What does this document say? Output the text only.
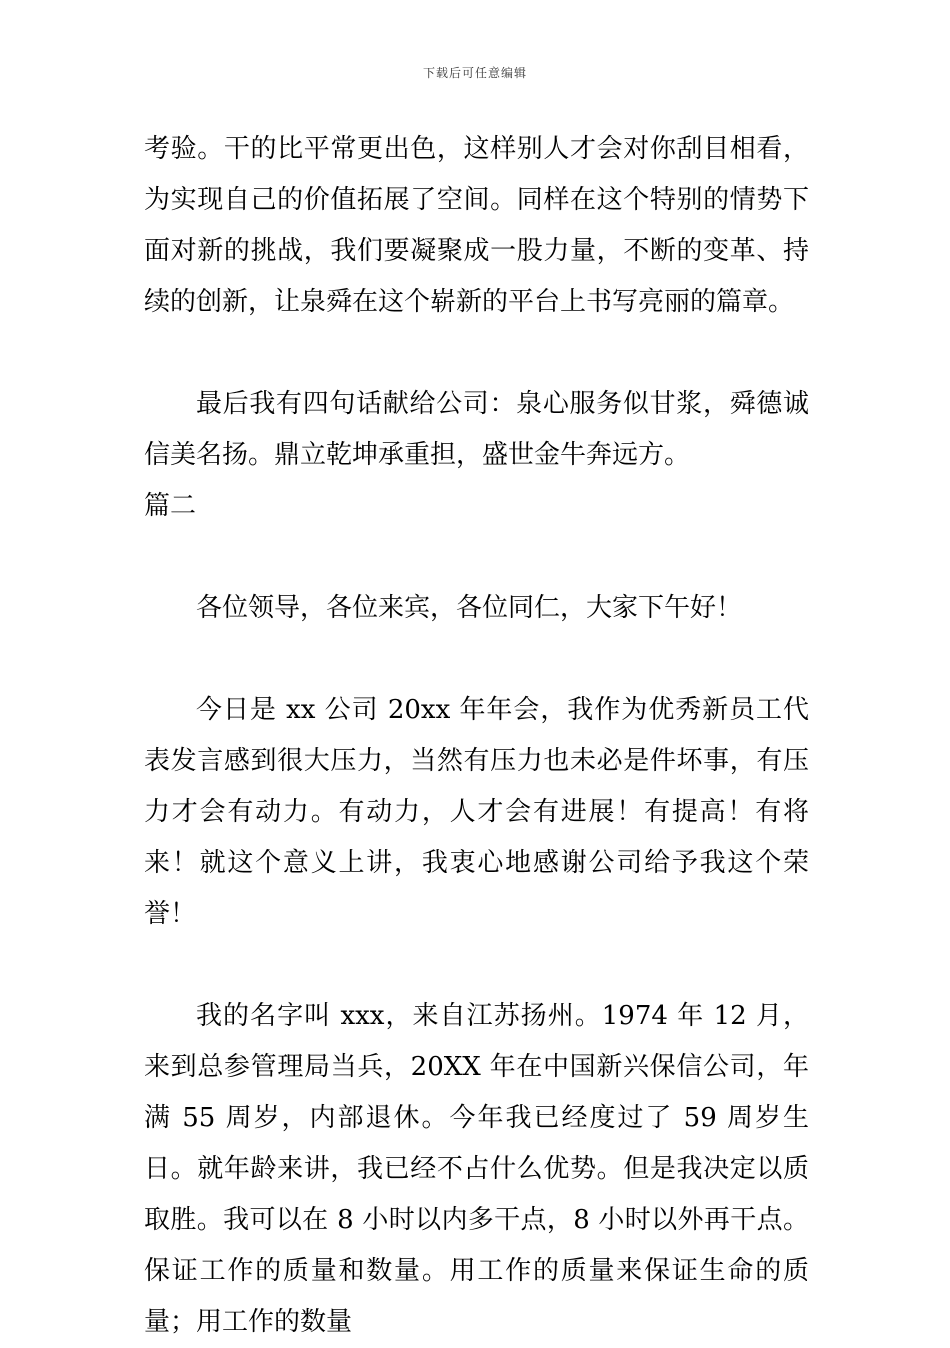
下载后可任意编辑

考验。干的比平常更出色，这样别人才会对你刮目相看，为实现自己的价值拓展了空间。同样在这个特别的情势下面对新的挑战，我们要凝聚成一股力量，不断的变革、持续的创新，让泉舜在这个崭新的平台上书写亮丽的篇章。

最后我有四句话献给公司：泉心服务似甘浆，舜德诚信美名扬。鼎立乾坤承重担，盛世金牛奔远方。

篇二

各位领导，各位来宾，各位同仁，大家下午好！

今日是 xx 公司 20xx 年年会，我作为优秀新员工代表发言感到很大压力，当然有压力也未必是件坏事，有压力才会有动力。有动力，人才会有进展！有提高！有将来！就这个意义上讲，我衷心地感谢公司给予我这个荣誉！

我的名字叫 xxx，来自江苏扬州。1974 年 12 月，来到总参管理局当兵，20XX 年在中国新兴保信公司，年满 55 周岁，内部退休。今年我已经度过了 59 周岁生日。就年龄来讲，我已经不占什么优势。但是我决定以质取胜。我可以在 8 小时以内多干点，8 小时以外再干点。保证工作的质量和数量。用工作的质量来保证生命的质量；用工作的数量
